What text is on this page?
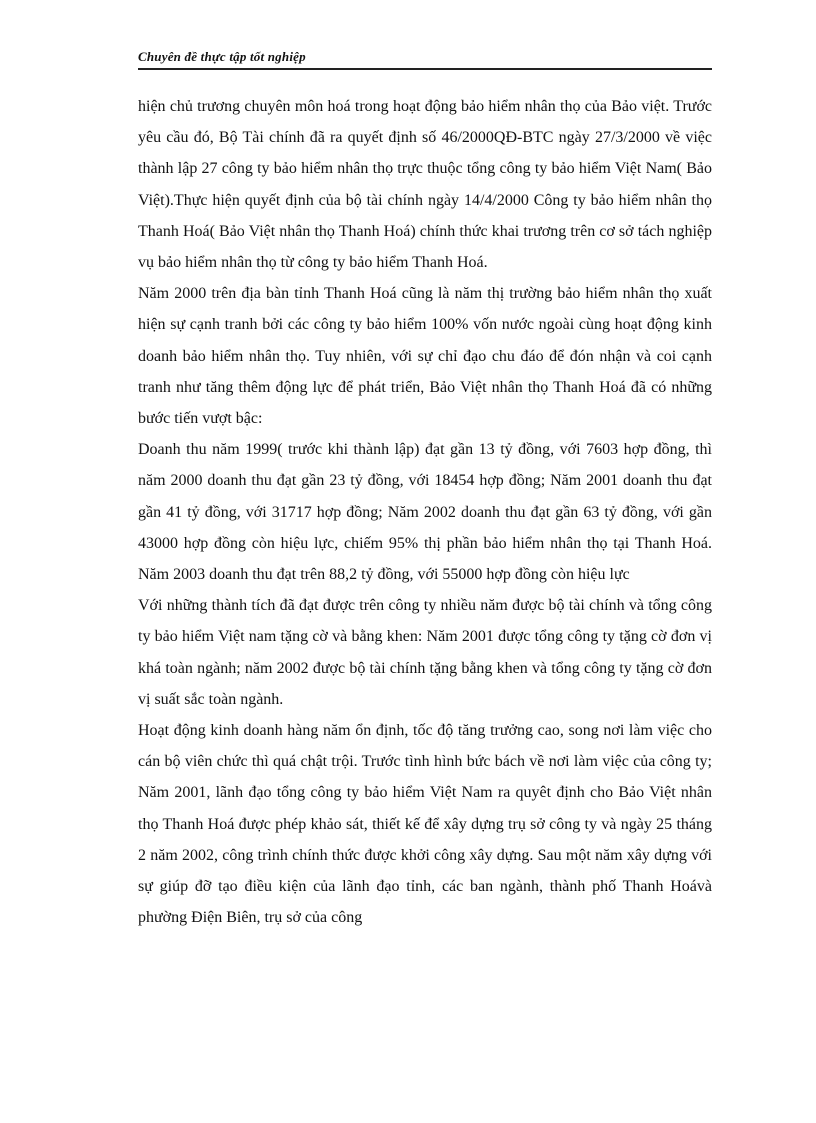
Chuyên đề thực tập tốt nghiệp

hiện chủ trương chuyên môn hoá trong hoạt động bảo hiểm nhân thọ của Bảo việt. Trước yêu cầu đó, Bộ Tài chính đã ra quyết định số 46/2000QĐ-BTC ngày 27/3/2000 về việc thành lập 27 công ty bảo hiểm nhân thọ trực thuộc tổng công ty bảo hiểm Việt Nam( Bảo Việt).Thực hiện quyết định của bộ tài chính ngày 14/4/2000 Công ty bảo hiểm nhân thọ Thanh Hoá( Bảo Việt nhân thọ Thanh Hoá) chính thức khai trương trên cơ sở tách nghiệp vụ bảo hiểm nhân thọ từ công ty bảo hiểm Thanh Hoá.

Năm 2000 trên địa bàn tỉnh Thanh Hoá cũng là năm thị trường bảo hiểm nhân thọ xuất hiện sự cạnh tranh bởi các công ty bảo hiểm 100% vốn nước ngoài cùng hoạt động kinh doanh bảo hiểm nhân thọ. Tuy nhiên, với sự chỉ đạo chu đáo để đón nhận và coi cạnh tranh như tăng thêm động lực để phát triển, Bảo Việt nhân thọ Thanh Hoá đã có những bước tiến vượt bậc:

Doanh thu năm 1999( trước khi thành lập) đạt gần 13 tỷ đồng, với 7603 hợp đồng, thì năm 2000 doanh thu đạt gần 23 tỷ đồng, với 18454 hợp đồng; Năm 2001 doanh thu đạt gần 41 tỷ đồng, với 31717 hợp đồng; Năm 2002 doanh thu đạt gần 63 tỷ đồng, với gần 43000 hợp đồng còn hiệu lực, chiếm 95% thị phần bảo hiểm nhân thọ tại Thanh Hoá. Năm 2003 doanh thu đạt trên 88,2 tỷ đồng, với 55000 hợp đồng còn hiệu lực

Với những thành tích đã đạt được trên công ty nhiều năm được bộ tài chính và tổng công ty bảo hiểm Việt nam tặng cờ và bằng khen: Năm 2001 được tổng công ty tặng cờ đơn vị khá toàn ngành; năm 2002 được bộ tài chính tặng bằng khen và tổng công ty tặng cờ đơn vị suất sắc toàn ngành.

Hoạt động kinh doanh hàng năm ổn định, tốc độ tăng trưởng cao, song nơi làm việc cho cán bộ viên chức thì quá chật trội. Trước tình hình bức bách về nơi làm việc của công ty; Năm 2001, lãnh đạo tổng công ty bảo hiểm Việt Nam ra quyêt định cho Bảo Việt nhân thọ Thanh Hoá được phép khảo sát, thiết kế để xây dựng trụ sở công ty và ngày 25 tháng 2 năm 2002, công trình chính thức được khởi công xây dựng. Sau một năm xây dựng với sự giúp đỡ tạo điều kiện của lãnh đạo tỉnh, các ban ngành, thành phố Thanh Hoávà phường Điện Biên, trụ sở của công
